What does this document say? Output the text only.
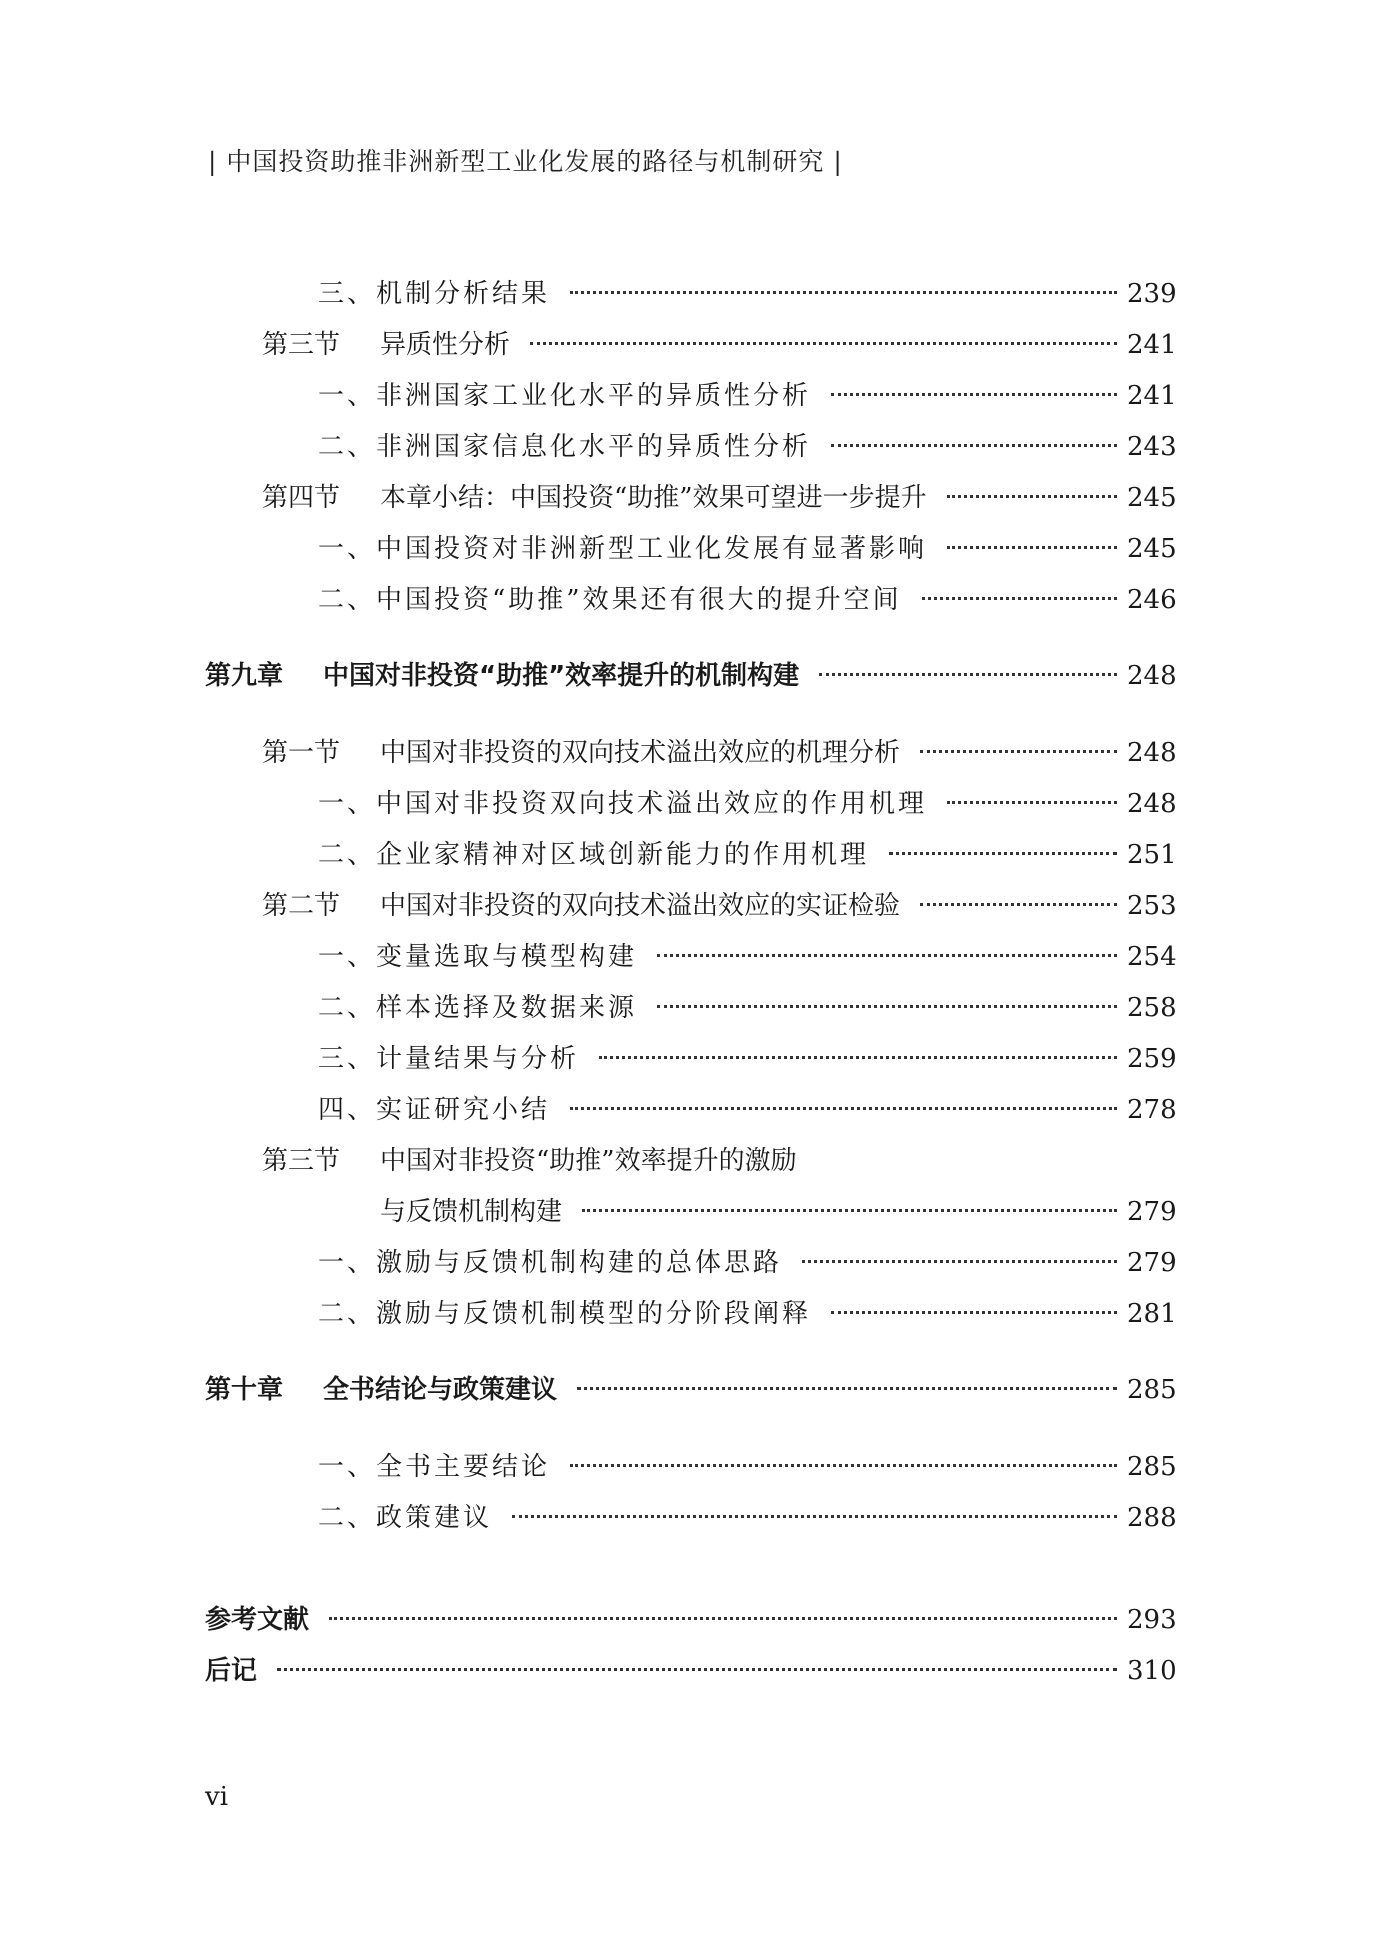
| 中国投资助推非洲新型工业化发展的路径与机制研究 |
三、机制分析结果	239
第三节 异质性分析	241
一、非洲国家工业化水平的异质性分析	241
二、非洲国家信息化水平的异质性分析	243
第四节 本章小结：中国投资“助推”效果可望进一步提升	245
一、中国投资对非洲新型工业化发展有显著影响	245
二、中国投资“助推”效果还有很大的提升空间	246
第九章 中国对非投资“助推”效率提升的机制构建	248
第一节 中国对非投资的双向技术溢出效应的机理分析	248
一、中国对非投资双向技术溢出效应的作用机理	248
二、企业家精神对区域创新能力的作用机理	251
第二节 中国对非投资的双向技术溢出效应的实证检验	253
一、变量选取与模型构建	254
二、样本选择及数据来源	258
三、计量结果与分析	259
四、实证研究小结	278
第三节 中国对非投资“助推”效率提升的激励
与反馈机制构建	279
一、激励与反馈机制构建的总体思路	279
二、激励与反馈机制模型的分阶段阐释	281
第十章 全书结论与政策建议	285
一、全书主要结论	285
二、政策建议	288
参考文献	293
后记	310
vi
